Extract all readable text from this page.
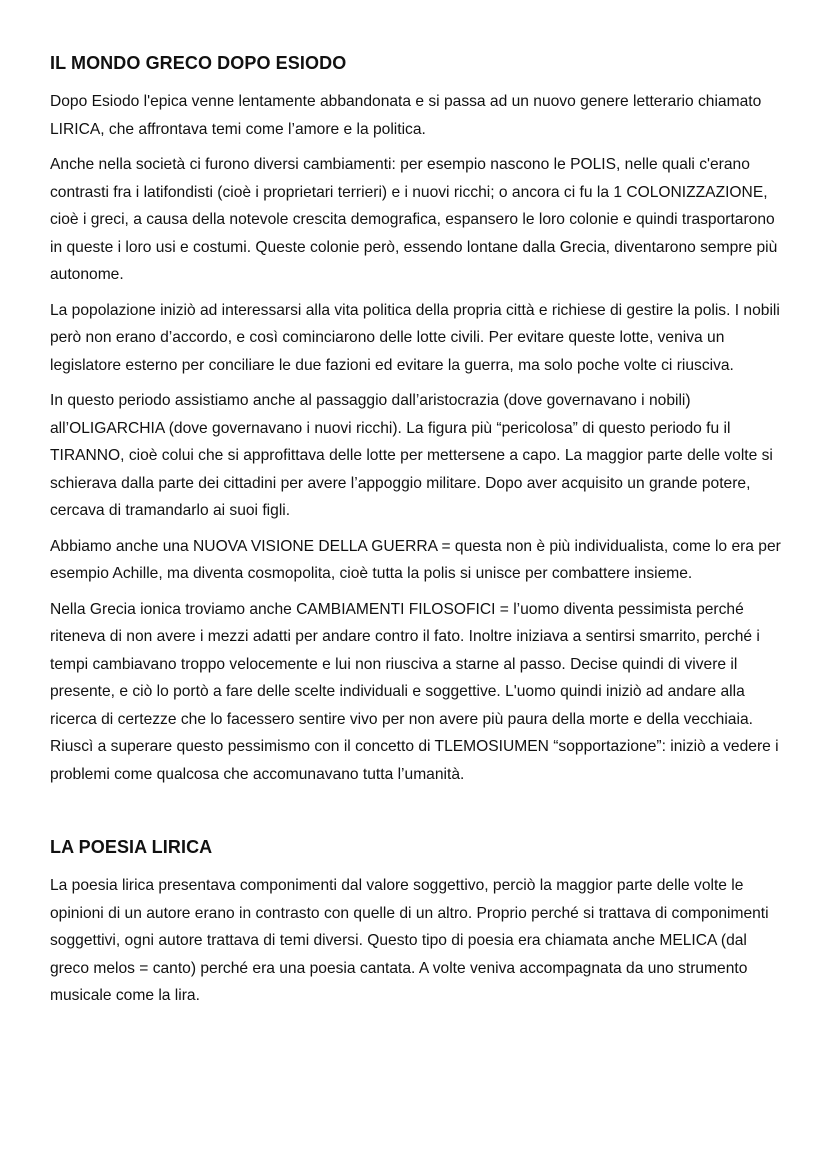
IL MONDO GRECO DOPO ESIODO

Dopo Esiodo l'epica venne lentamente abbandonata e si passa ad un nuovo genere letterario chiamato LIRICA, che affrontava temi come l’amore e la politica.

Anche nella società ci furono diversi cambiamenti: per esempio nascono le POLIS, nelle quali c'erano contrasti fra i latifondisti (cioè i proprietari terrieri) e i nuovi ricchi; o ancora ci fu la 1 COLONIZZAZIONE, cioè i greci, a causa della notevole crescita demografica, espansero le loro colonie e quindi trasportarono in queste i loro usi e costumi. Queste colonie però, essendo lontane dalla Grecia, diventarono sempre più autonome.

La popolazione iniziò ad interessarsi alla vita politica della propria città e richiese di gestire la polis. I nobili però non erano d’accordo, e così cominciarono delle lotte civili. Per evitare queste lotte, veniva un legislatore esterno per conciliare le due fazioni ed evitare la guerra, ma solo poche volte ci riusciva.

In questo periodo assistiamo anche al passaggio dall’aristocrazia (dove governavano i nobili) all’OLIGARCHIA (dove governavano i nuovi ricchi). La figura più “pericolosa” di questo periodo fu il TIRANNO, cioè colui che si approfittava delle lotte per mettersene a capo. La maggior parte delle volte si schierava dalla parte dei cittadini per avere l’appoggio militare. Dopo aver acquisito un grande potere, cercava di tramandarlo ai suoi figli.

Abbiamo anche una NUOVA VISIONE DELLA GUERRA = questa non è più individualista, come lo era per esempio Achille, ma diventa cosmopolita, cioè tutta la polis si unisce per combattere insieme.

Nella Grecia ionica troviamo anche CAMBIAMENTI FILOSOFICI = l’uomo diventa pessimista perché riteneva di non avere i mezzi adatti per andare contro il fato. Inoltre iniziava a sentirsi smarrito, perché i tempi cambiavano troppo velocemente e lui non riusciva a starne al passo. Decise quindi di vivere il presente, e ciò lo portò a fare delle scelte individuali e soggettive. L'uomo quindi iniziò ad andare alla ricerca di certezze che lo facessero sentire vivo per non avere più paura della morte e della vecchiaia. Riuscì a superare questo pessimismo con il concetto di TLEMOSIUMEN “sopportazione”: iniziò a vedere i problemi come qualcosa che accomunavano tutta l’umanità.

LA POESIA LIRICA

La poesia lirica presentava componimenti dal valore soggettivo, perciò la maggior parte delle volte le opinioni di un autore erano in contrasto con quelle di un altro. Proprio perché si trattava di componimenti soggettivi, ogni autore trattava di temi diversi. Questo tipo di poesia era chiamata anche MELICA (dal greco melos = canto) perché era una poesia cantata. A volte veniva accompagnata da uno strumento musicale come la lira.
